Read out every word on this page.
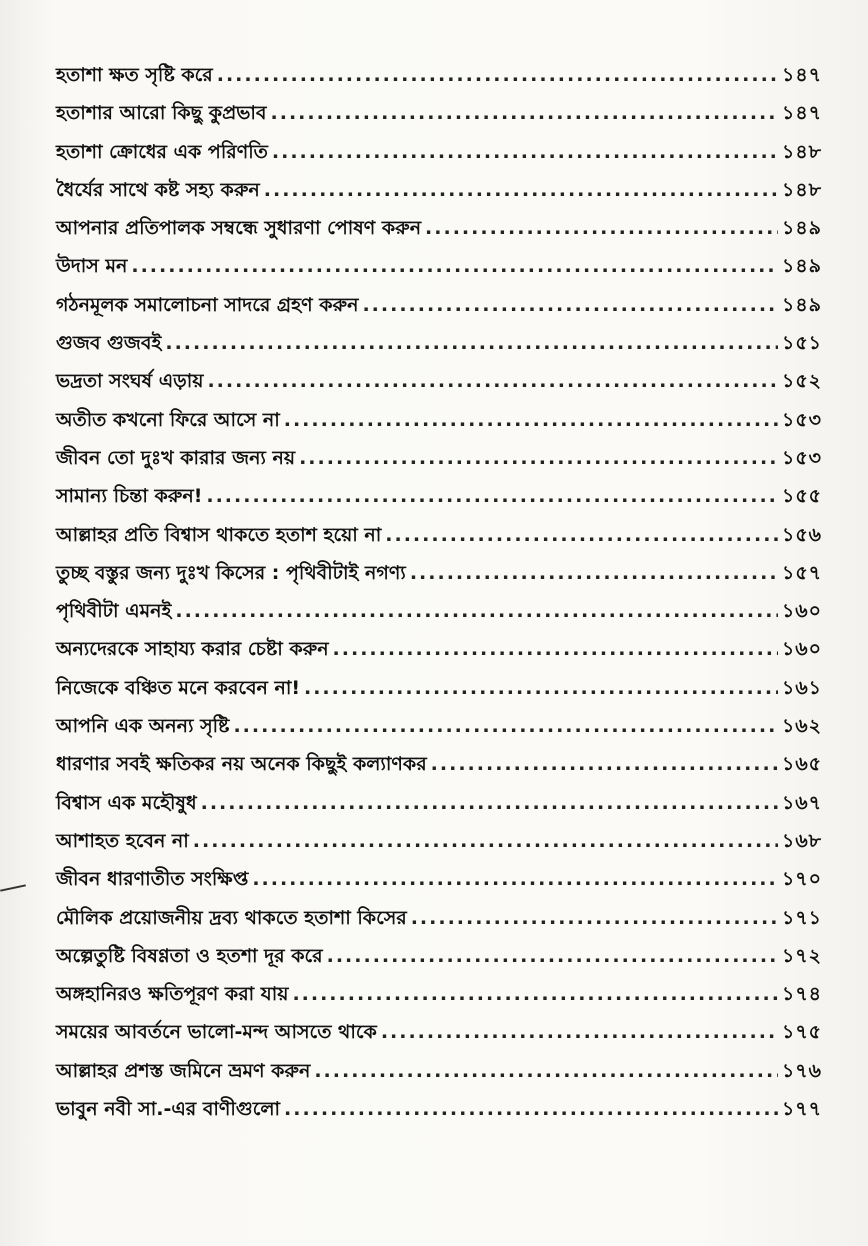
হতাশা ক্ষত সৃষ্টি করে .....	১৪৭
হতাশার আরো কিছু কুপ্রভাব .....	১৪৭
হতাশা ক্রোধের এক পরিণতি .....	১৪৮
ধৈর্যের সাথে কষ্ট সহ্য করুন .....	১৪৮
আপনার প্রতিপালক সম্বন্ধে সুধারণা পোষণ করুন .....	১৪৯
উদাস মন .....	১৪৯
গঠনমূলক সমালোচনা সাদরে গ্রহণ করুন .....	১৪৯
গুজব গুজবই .....	১৫১
ভদ্রতা সংঘর্ষ এড়ায় .....	১৫২
অতীত কখনো ফিরে আসে না .....	১৫৩
জীবন তো দুঃখ কারার জন্য নয় .....	১৫৩
সামান্য চিন্তা করুন! .....	১৫৫
আল্লাহর প্রতি বিশ্বাস থাকতে হতাশ হয়ো না .....	১৫৬
তুচ্ছ বস্তুর জন্য দুঃখ কিসের : পৃথিবীটাই নগণ্য .....	১৫৭
পৃথিবীটা এমনই .....	১৬০
অন্যদেরকে সাহায্য করার চেষ্টা করুন .....	১৬০
নিজেকে বঞ্চিত মনে করবেন না! .....	১৬১
আপনি এক অনন্য সৃষ্টি .....	১৬২
ধারণার সবই ক্ষতিকর নয় অনেক কিছুই কল্যাণকর .....	১৬৫
বিশ্বাস এক মহৌষুধ .....	১৬৭
আশাহত হবেন না .....	১৬৮
জীবন ধারণাতীত সংক্ষিপ্ত .....	১৭০
মৌলিক প্রয়োজনীয় দ্রব্য থাকতে হতাশা কিসের .....	১৭১
অল্পেতুষ্টি বিষণ্ণতা ও হতশা দূর করে .....	১৭২
অঙ্গহানিরও ক্ষতিপূরণ করা যায় .....	১৭৪
সময়ের আবর্তনে ভালো-মন্দ আসতে থাকে .....	১৭৫
আল্লাহর প্রশস্ত জমিনে ভ্রমণ করুন .....	১৭৬
ভাবুন নবী সা.-এর বাণীগুলো .....	১৭৭
